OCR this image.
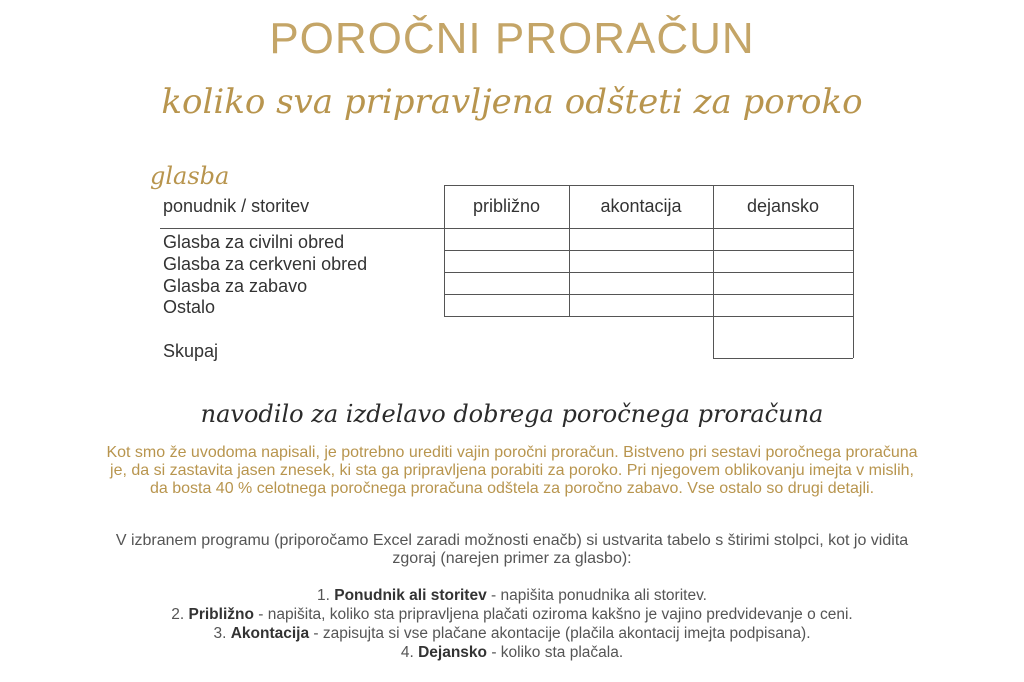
POROČNI PRORAČUN
koliko sva pripravljena odšteti za poroko
glasba
ponudnik / storitev	približno	akontacija	dejansko
Glasba za civilni obred
Glasba za cerkveni obred
Glasba za zabavo
Ostalo
Skupaj
navodilo za izdelavo dobrega poročnega proračuna
Kot smo že uvodoma napisali, je potrebno urediti vajin poročni proračun. Bistveno pri sestavi poročnega proračuna je, da si zastavita jasen znesek, ki sta ga pripravljena porabiti za poroko. Pri njegovem oblikovanju imejta v mislih, da bosta 40 % celotnega poročnega proračuna odštela za poročno zabavo. Vse ostalo so drugi detajli.
V izbranem programu (priporočamo Excel zaradi možnosti enačb) si ustvarita tabelo s štirimi stolpci, kot jo vidita zgoraj (narejen primer za glasbo):
1. Ponudnik ali storitev - napišita ponudnika ali storitev.
2. Približno - napišita, koliko sta pripravljena plačati oziroma kakšno je vajino predvidevanje o ceni.
3. Akontacija - zapisujta si vse plačane akontacije (plačila akontacij imejta podpisana).
4. Dejansko - koliko sta plačala.
